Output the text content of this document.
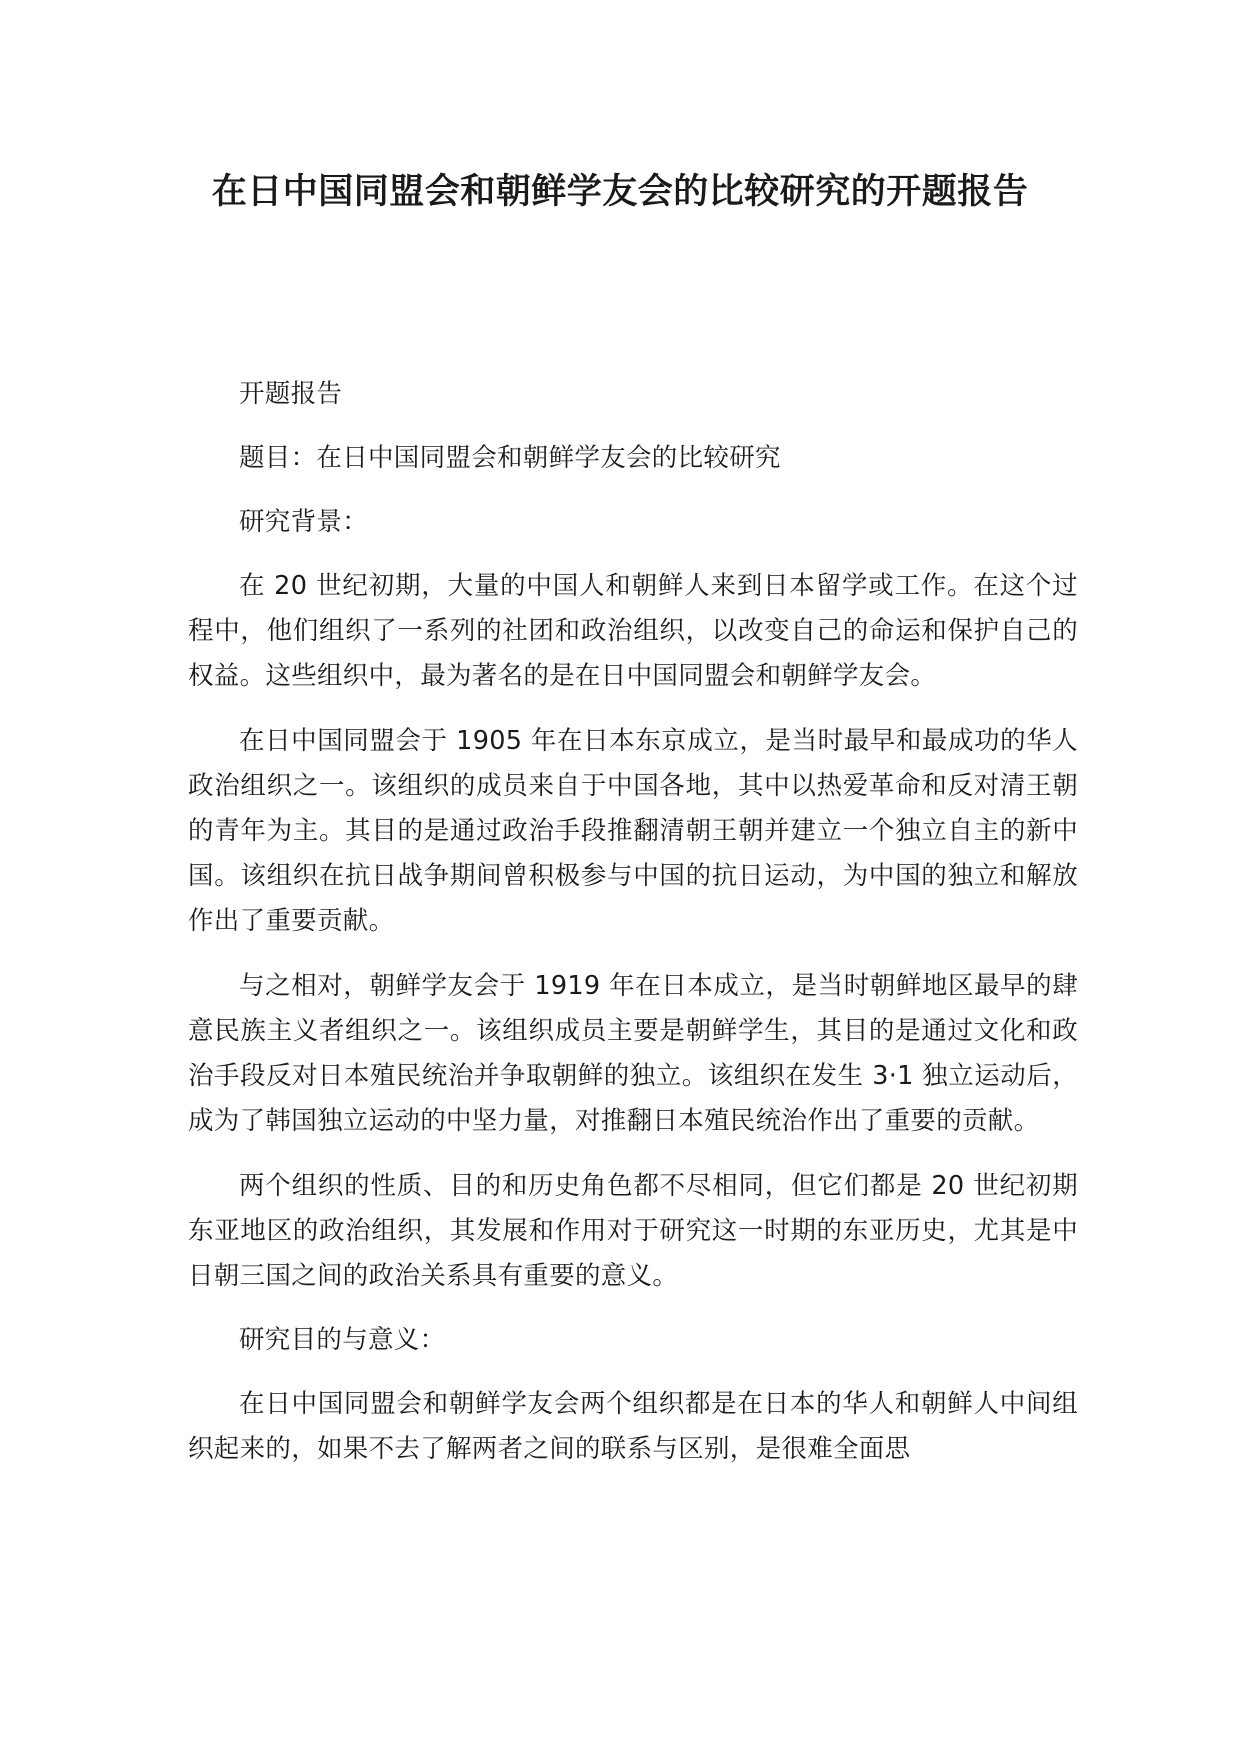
在日中国同盟会和朝鲜学友会的比较研究的开题报告

开题报告

题目：在日中国同盟会和朝鲜学友会的比较研究

研究背景：

在 20 世纪初期，大量的中国人和朝鲜人来到日本留学或工作。在这个过程中，他们组织了一系列的社团和政治组织，以改变自己的命运和保护自己的权益。这些组织中，最为著名的是在日中国同盟会和朝鲜学友会。

在日中国同盟会于 1905 年在日本东京成立，是当时最早和最成功的华人政治组织之一。该组织的成员来自于中国各地，其中以热爱革命和反对清王朝的青年为主。其目的是通过政治手段推翻清朝王朝并建立一个独立自主的新中国。该组织在抗日战争期间曾积极参与中国的抗日运动，为中国的独立和解放作出了重要贡献。

与之相对，朝鲜学友会于 1919 年在日本成立，是当时朝鲜地区最早的肆意民族主义者组织之一。该组织成员主要是朝鲜学生，其目的是通过文化和政治手段反对日本殖民统治并争取朝鲜的独立。该组织在发生 3·1 独立运动后，成为了韩国独立运动的中坚力量，对推翻日本殖民统治作出了重要的贡献。

两个组织的性质、目的和历史角色都不尽相同，但它们都是 20 世纪初期东亚地区的政治组织，其发展和作用对于研究这一时期的东亚历史，尤其是中日朝三国之间的政治关系具有重要的意义。

研究目的与意义：

在日中国同盟会和朝鲜学友会两个组织都是在日本的华人和朝鲜人中间组织起来的，如果不去了解两者之间的联系与区别，是很难全面思
